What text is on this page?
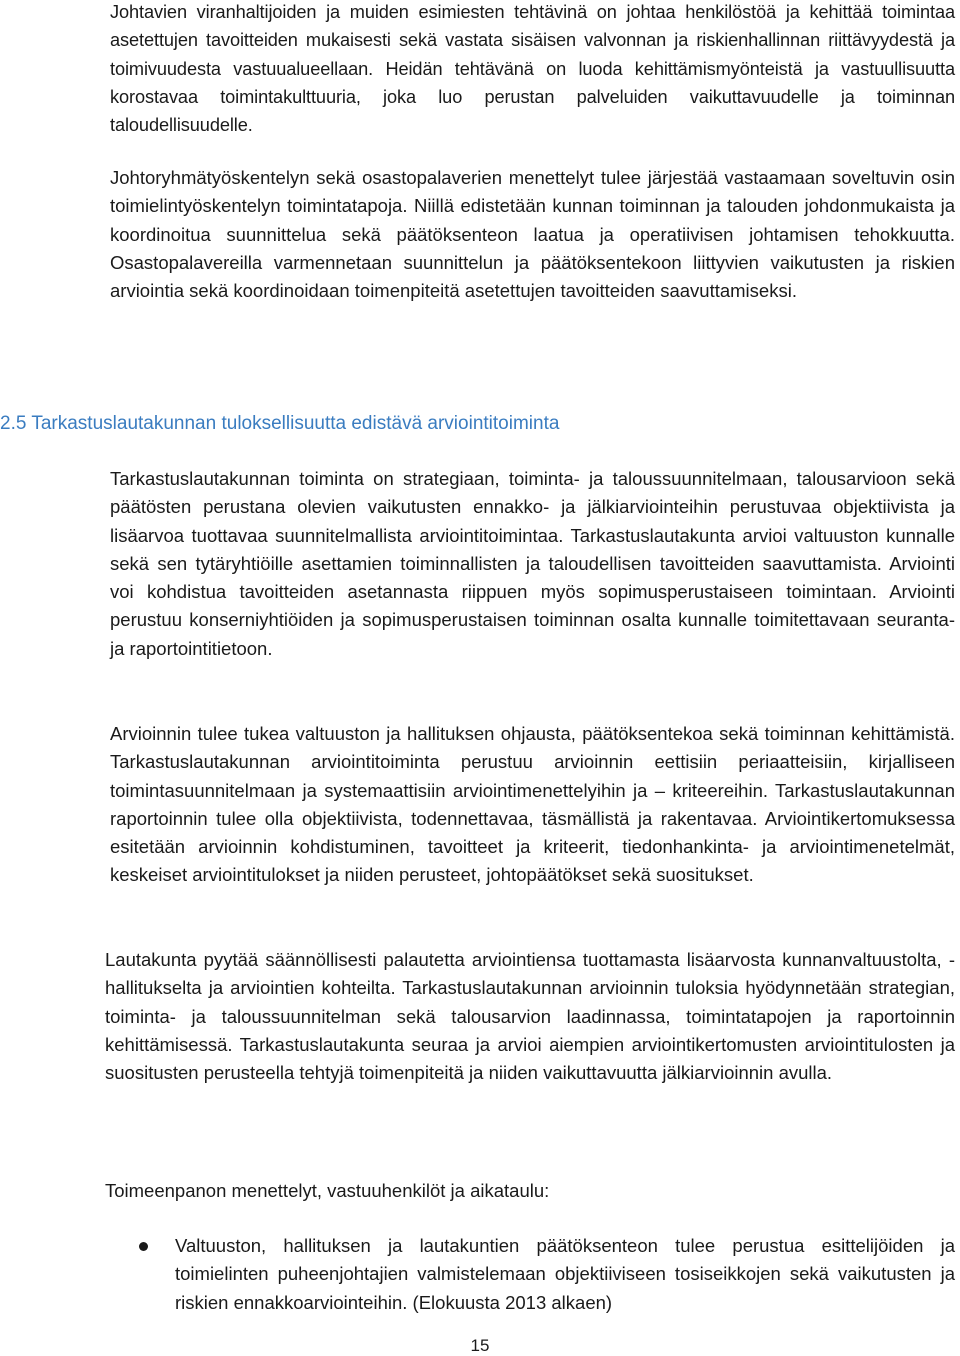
Johtavien viranhaltijoiden ja muiden esimiesten tehtävinä on johtaa henkilöstöä ja kehittää toimintaa asetettujen tavoitteiden mukaisesti sekä vastata sisäisen valvonnan ja riskienhallinnan riittävyydestä ja toimivuudesta vastuualueellaan. Heidän tehtävänä on luoda kehittämismyönteistä ja vastuullisuutta korostavaa toimintakulttuuria, joka luo perustan palveluiden vaikuttavuudelle ja toiminnan taloudellisuudelle.

Johtoryhmätyöskentelyn sekä osastopalaverien menettelyt tulee järjestää vastaamaan soveltuvin osin toimielintyöskentelyn toimintatapoja. Niillä edistetään kunnan toiminnan ja talouden johdonmukaista ja koordinoitua suunnittelua sekä päätöksenteon laatua ja operatiivisen johtamisen tehokkuutta. Osastopalavereilla varmennetaan suunnittelun ja päätöksentekoon liittyvien vaikutusten ja riskien arviointia sekä koordinoidaan toimenpiteitä asetettujen tavoitteiden saavuttamiseksi.

2.5 Tarkastuslautakunnan tuloksellisuutta edistävä arviointitoiminta

Tarkastuslautakunnan toiminta on strategiaan, toiminta- ja taloussuunnitelmaan, talousarvioon sekä päätösten perustana olevien vaikutusten ennakko- ja jälkiarviointeihin perustuvaa objektiivista ja lisäarvoa tuottavaa suunnitelmallista arviointitoimintaa. Tarkastuslautakunta arvioi valtuuston kunnalle sekä sen tytäryhtiöille asettamien toiminnallisten ja taloudellisen tavoitteiden saavuttamista. Arviointi voi kohdistua tavoitteiden asetannasta riippuen myös sopimusperustaiseen toimintaan. Arviointi perustuu konserniyhtiöiden ja sopimusperustaisen toiminnan osalta kunnalle toimitettavaan seuranta- ja raportointitietoon.

Arvioinnin tulee tukea valtuuston ja hallituksen ohjausta, päätöksentekoa sekä toiminnan kehittämistä. Tarkastuslautakunnan arviointitoiminta perustuu arvioinnin eettisiin periaatteisiin, kirjalliseen toimintasuunnitelmaan ja systemaattisiin arviointimenettelyihin ja – kriteereihin. Tarkastuslautakunnan raportoinnin tulee olla objektiivista, todennettavaa, täsmällistä ja rakentavaa. Arviointikertomuksessa esitetään arvioinnin kohdistuminen, tavoitteet ja kriteerit, tiedonhankinta- ja arviointimenetelmät, keskeiset arviointitulokset ja niiden perusteet, johtopäätökset sekä suositukset.

Lautakunta pyytää säännöllisesti palautetta arviointiensa tuottamasta lisäarvosta kunnanvaltuustolta, -hallitukselta ja arviointien kohteilta. Tarkastuslautakunnan arvioinnin tuloksia hyödynnetään strategian, toiminta- ja taloussuunnitelman sekä talousarvion laadinnassa, toimintatapojen ja raportoinnin kehittämisessä. Tarkastuslautakunta seuraa ja arvioi aiempien arviointikertomusten arviointitulosten ja suositusten perusteella tehtyjä toimenpiteitä ja niiden vaikuttavuutta jälkiarvioinnin avulla.

Toimeenpanon menettelyt, vastuuhenkilöt ja aikataulu:

Valtuuston, hallituksen ja lautakuntien päätöksenteon tulee perustua esittelijöiden ja toimielinten puheenjohtajien valmistelemaan objektiiviseen tosiseikkojen sekä vaikutusten ja riskien ennakkoarviointeihin. (Elokuusta 2013 alkaen)

15
